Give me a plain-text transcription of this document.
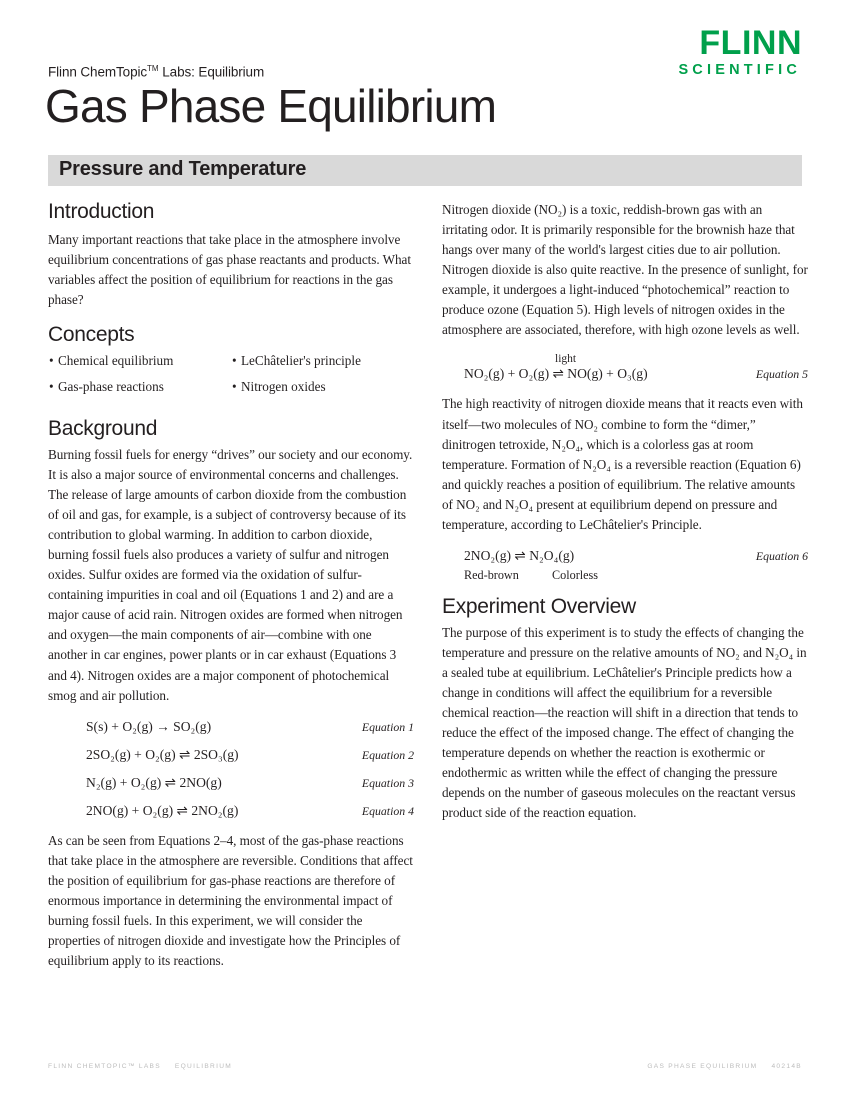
FLINN
SCIENTIFIC
Flinn ChemTopic™ Labs: Equilibrium
Gas Phase Equilibrium
Pressure and Temperature
Introduction

Many important reactions that take place in the atmosphere involve equilibrium concentrations of gas phase reactants and products. What variables affect the position of equilibrium for reactions in the gas phase?

Concepts
• Chemical equilibrium
• Gas-phase reactions
• LeChâtelier's principle
• Nitrogen oxides
Background

Burning fossil fuels for energy “drives” our society and our economy. It is also a major source of environmental concerns and challenges. The release of large amounts of carbon dioxide from the combustion of oil and gas, for example, is a subject of controversy because of its contribution to global warming. In addition to carbon dioxide, burning fossil fuels also produces a variety of sulfur and nitrogen oxides. Sulfur oxides are formed via the oxidation of sulfur-containing impurities in coal and oil (Equations 1 and 2) and are a major cause of acid rain. Nitrogen oxides are formed when nitrogen and oxygen—the main components of air—combine with one another in car engines, power plants or in car exhaust (Equations 3 and 4). Nitrogen oxides are a major component of photochemical smog and air pollution.

S(s) + O₂(g) → SO₂(g)	Equation 1
2SO₂(g) + O₂(g) ⇌ 2SO₃(g)	Equation 2
N₂(g) + O₂(g) ⇌ 2NO(g)	Equation 3
2NO(g) + O₂(g) ⇌ 2NO₂(g)	Equation 4

As can be seen from Equations 2–4, most of the gas-phase reactions that take place in the atmosphere are reversible. Conditions that affect the position of equilibrium for gas-phase reactions are therefore of enormous importance in determining the environmental impact of burning fossil fuels. In this experiment, we will consider the properties of nitrogen dioxide and investigate how the Principles of equilibrium apply to its reactions.

Nitrogen dioxide (NO₂) is a toxic, reddish-brown gas with an irritating odor. It is primarily responsible for the brownish haze that hangs over many of the world's largest cities due to air pollution. Nitrogen dioxide is also quite reactive. In the presence of sunlight, for example, it undergoes a light-induced “photochemical” reaction to produce ozone (Equation 5). High levels of nitrogen oxides in the atmosphere are associated, therefore, with high ozone levels as well.

light
NO₂(g) + O₂(g) ⇌ NO(g) + O₃(g)	Equation 5

The high reactivity of nitrogen dioxide means that it reacts even with itself—two molecules of NO₂ combine to form the “dimer,” dinitrogen tetroxide, N₂O₄, which is a colorless gas at room temperature. Formation of N₂O₄ is a reversible reaction (Equation 6) and quickly reaches a position of equilibrium. The relative amounts of NO₂ and N₂O₄ present at equilibrium depend on pressure and temperature, according to LeChâtelier's Principle.

2NO₂(g) ⇌ N₂O₄(g)	Equation 6
Red-brown	Colorless
Experiment Overview

The purpose of this experiment is to study the effects of changing the temperature and pressure on the relative amounts of NO₂ and N₂O₄ in a sealed tube at equilibrium. LeChâtelier's Principle predicts how a change in conditions will affect the equilibrium for a reversible chemical reaction—the reaction will shift in a direction that tends to reduce the effect of the imposed change. The effect of changing the temperature depends on whether the reaction is exothermic or endothermic as written while the effect of changing the pressure depends on the number of gaseous molecules on the reactant versus product side of the reaction equation.

FLINN CHEMTOPIC™ LABS EQUILIBRIUM	GAS PHASE EQUILIBRIUM 40214B
